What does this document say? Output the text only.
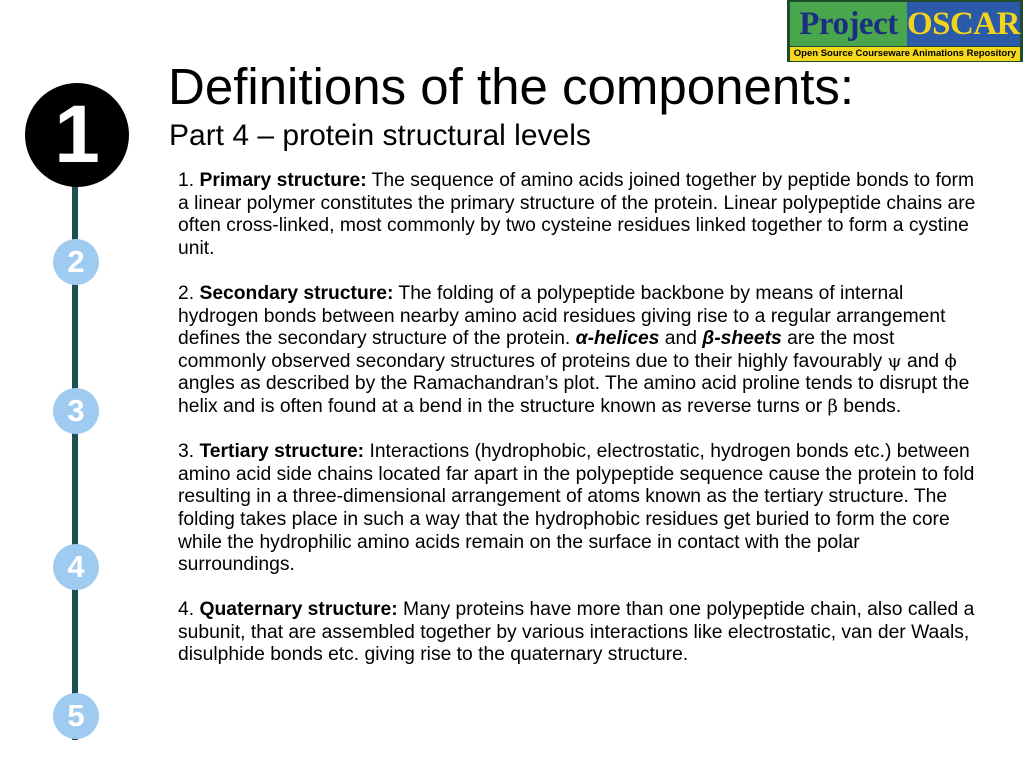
Project OSCAR
Open Source Courseware Animations Repository
1
2
3
4
5
Definitions of the components:
Part 4 – protein structural levels

1. Primary structure: The sequence of amino acids joined together by peptide bonds to form a linear polymer constitutes the primary structure of the protein. Linear polypeptide chains are often cross-linked, most commonly by two cysteine residues linked together to form a cystine unit.

2. Secondary structure: The folding of a polypeptide backbone by means of internal hydrogen bonds between nearby amino acid residues giving rise to a regular arrangement defines the secondary structure of the protein. α-helices and β-sheets are the most commonly observed secondary structures of proteins due to their highly favourably ψ and ϕ angles as described by the Ramachandran’s plot. The amino acid proline tends to disrupt the helix and is often found at a bend in the structure known as reverse turns or β bends.

3. Tertiary structure: Interactions (hydrophobic, electrostatic, hydrogen bonds etc.) between amino acid side chains located far apart in the polypeptide sequence cause the protein to fold resulting in a three-dimensional arrangement of atoms known as the tertiary structure. The folding takes place in such a way that the hydrophobic residues get buried to form the core while the hydrophilic amino acids remain on the surface in contact with the polar surroundings.

4. Quaternary structure: Many proteins have more than one polypeptide chain, also called a subunit, that are assembled together by various interactions like electrostatic, van der Waals, disulphide bonds etc. giving rise to the quaternary structure.
